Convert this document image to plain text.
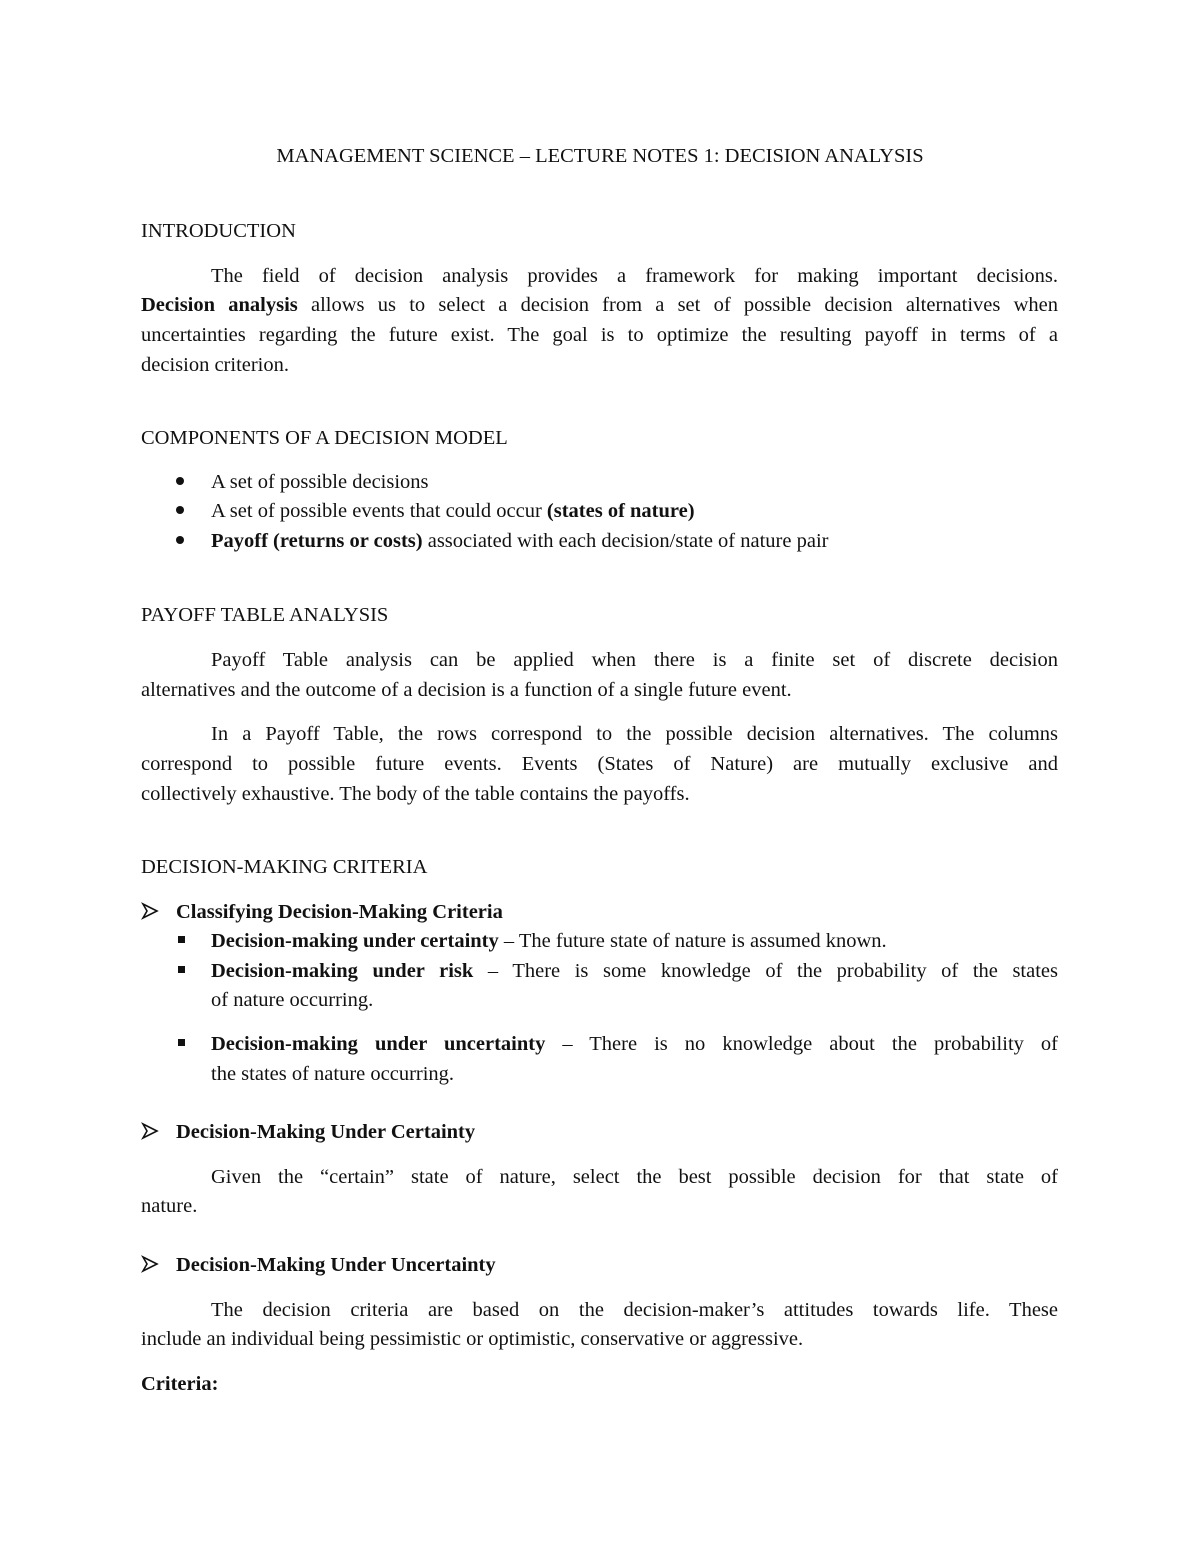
MANAGEMENT SCIENCE – LECTURE NOTES 1: DECISION ANALYSIS
INTRODUCTION
The field of decision analysis provides a framework for making important decisions.
Decision analysis allows us to select a decision from a set of possible decision alternatives when
uncertainties regarding the future exist. The goal is to optimize the resulting payoff in terms of a
decision criterion.
COMPONENTS OF A DECISION MODEL
A set of possible decisions
A set of possible events that could occur (states of nature)
Payoff (returns or costs) associated with each decision/state of nature pair
PAYOFF TABLE ANALYSIS
Payoff Table analysis can be applied when there is a finite set of discrete decision
alternatives and the outcome of a decision is a function of a single future event.
In a Payoff Table, the rows correspond to the possible decision alternatives. The columns
correspond to possible future events. Events (States of Nature) are mutually exclusive and
collectively exhaustive. The body of the table contains the payoffs.
DECISION-MAKING CRITERIA
Classifying Decision-Making Criteria
Decision-making under certainty – The future state of nature is assumed known.
Decision-making under risk – There is some knowledge of the probability of the states
of nature occurring.
Decision-making under uncertainty – There is no knowledge about the probability of
the states of nature occurring.
Decision-Making Under Certainty
Given the “certain” state of nature, select the best possible decision for that state of
nature.
Decision-Making Under Uncertainty
The decision criteria are based on the decision-maker’s attitudes towards life. These
include an individual being pessimistic or optimistic, conservative or aggressive.
Criteria:
